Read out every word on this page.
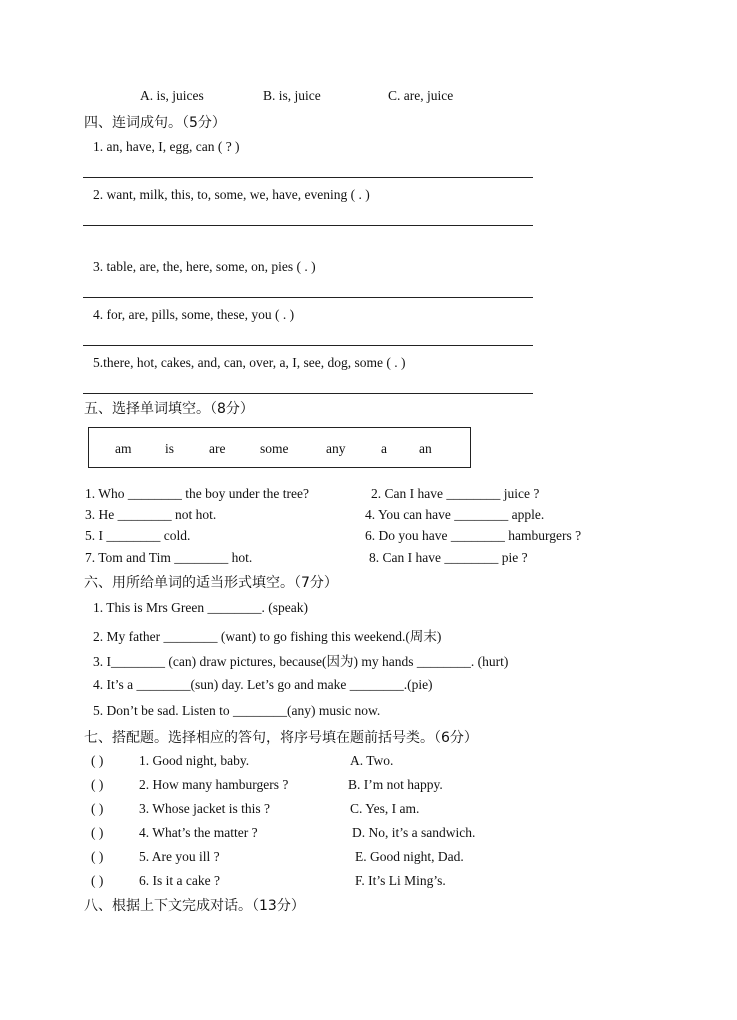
A. is, juices	B. is, juice	C. are, juice
四、连词成句。（5分）
1. an, have, I, egg, can ( ? )
2. want, milk, this, to, some, we, have, evening ( . )
3. table, are, the, here, some, on, pies ( . )
4. for, are, pills, some, these, you ( . )
5.there, hot, cakes, and, can, over, a, I, see, dog, some ( . )
五、选择单词填空。（8分）
am is	are	some	any	a an
1. Who ________ the boy under the tree?	2. Can I have ________ juice ?
3. He ________ not hot.	4. You can have ________ apple.
5. I ________ cold.	6. Do you have ________ hamburgers ?
7. Tom and Tim ________ hot.	8. Can I have ________ pie ?
六、用所给单词的适当形式填空。（7分）
1. This is Mrs Green ________. (speak)
2. My father ________ (want) to go fishing this weekend.(周末)
3. I________ (can) draw pictures, because(因为) my hands ________. (hurt)
4. It’s a ________(sun) day. Let’s go and make ________.(pie)
5. Don’t be sad. Listen to ________(any) music now.
七、搭配题。选择相应的答句，将序号填在题前括号类。（6分）
( )	1. Good night, baby.	A. Two.
( )	2. How many hamburgers ?	B. I’m not happy.
( )	3. Whose jacket is this ?	C. Yes, I am.
( )	4. What’s the matter ?	D. No, it’s a sandwich.
( )	5. Are you ill ?	E. Good night, Dad.
( )	6. Is it a cake ?	F. It’s Li Ming’s.
八、根据上下文完成对话。（13分）
